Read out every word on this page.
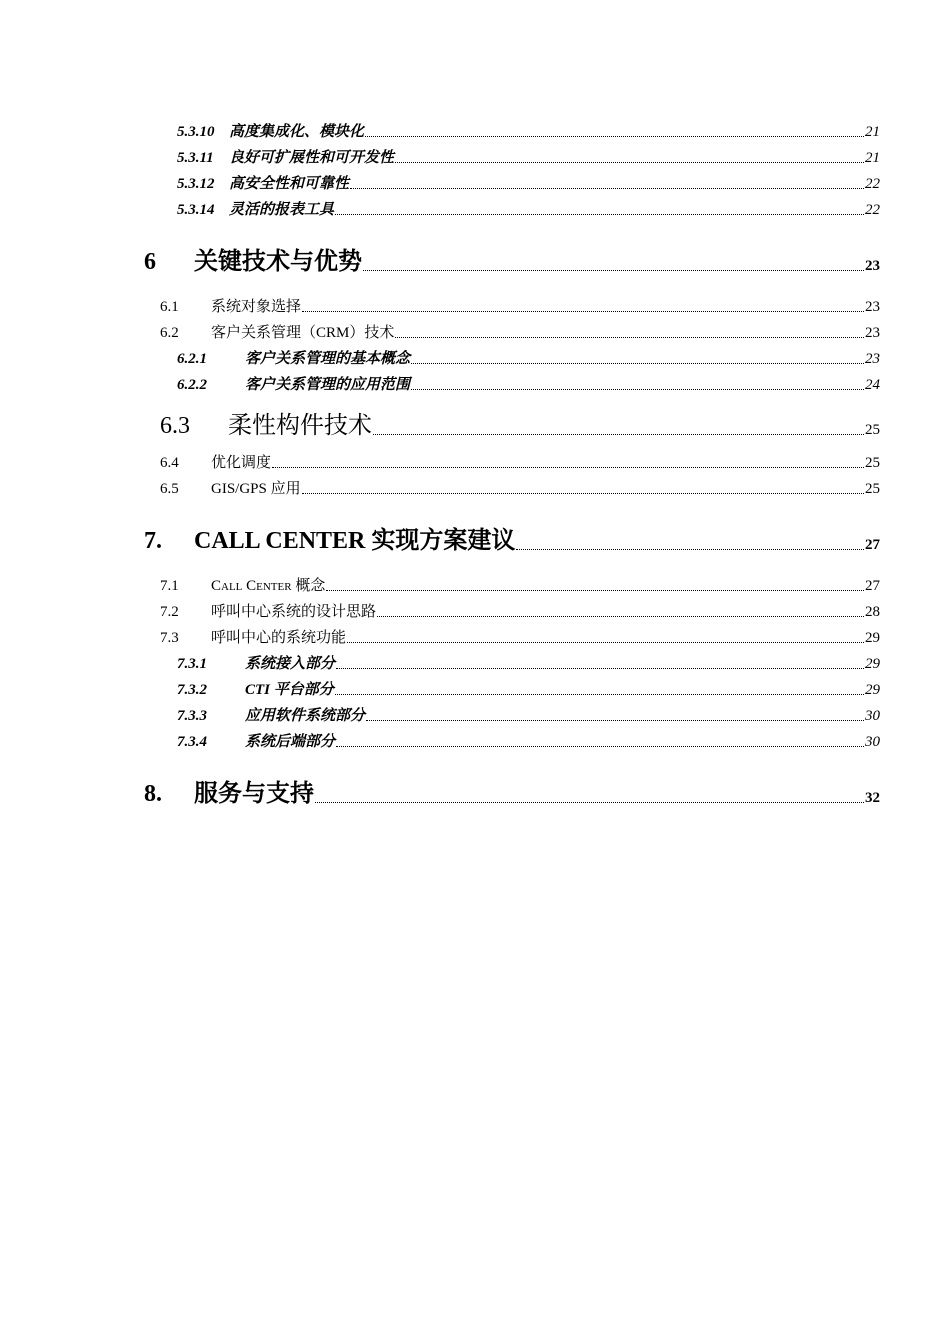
5.3.10 高度集成化、模块化	21
5.3.11	良好可扩展性和可开发性	21
5.3.12 高安全性和可靠性	22
5.3.14 灵活的报表工具	22
6	关键技术与优势	23
6.1	系统对象选择	23
6.2	客户关系管理（CRM）技术	23
6.2.1	客户关系管理的基本概念	23
6.2.2	客户关系管理的应用范围	24
6.3	柔性构件技术	25
6.4	优化调度	25
6.5	GIS/GPS 应用	25
7.	CALL CENTER 实现方案建议	27
7.1	Call Center 概念	27
7.2	呼叫中心系统的设计思路	28
7.3	呼叫中心的系统功能	29
7.3.1	系统接入部分	29
7.3.2	CTI 平台部分	29
7.3.3	应用软件系统部分	30
7.3.4	系统后端部分	30
8.	服务与支持	32
